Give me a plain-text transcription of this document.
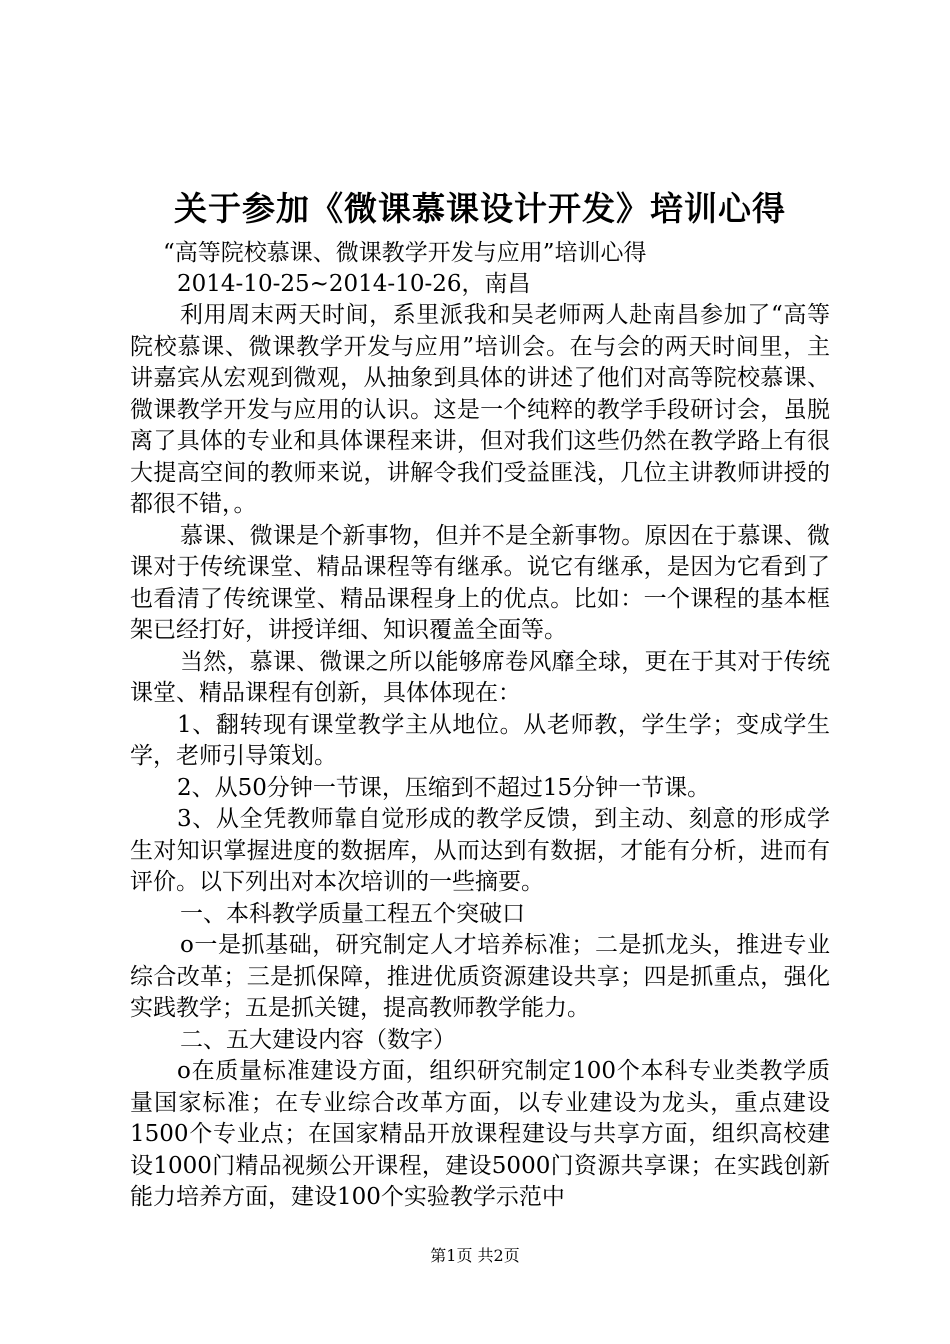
关于参加《微课慕课设计开发》培训心得

“高等院校慕课、微课教学开发与应用”培训心得

2014-10-25~2014-10-26，南昌

利用周末两天时间，系里派我和吴老师两人赴南昌参加了“高等院校慕课、微课教学开发与应用”培训会。在与会的两天时间里，主讲嘉宾从宏观到微观，从抽象到具体的讲述了他们对高等院校慕课、微课教学开发与应用的认识。这是一个纯粹的教学手段研讨会，虽脱离了具体的专业和具体课程来讲，但对我们这些仍然在教学路上有很大提高空间的教师来说，讲解令我们受益匪浅，几位主讲教师讲授的都很不错，。

慕课、微课是个新事物，但并不是全新事物。原因在于慕课、微课对于传统课堂、精品课程等有继承。说它有继承，是因为它看到了也看清了传统课堂、精品课程身上的优点。比如：一个课程的基本框架已经打好，讲授详细、知识覆盖全面等。

当然，慕课、微课之所以能够席卷风靡全球，更在于其对于传统课堂、精品课程有创新，具体体现在：

1、翻转现有课堂教学主从地位。从老师教，学生学；变成学生学，老师引导策划。

2、从50分钟一节课，压缩到不超过15分钟一节课。

3、从全凭教师靠自觉形成的教学反馈，到主动、刻意的形成学生对知识掌握进度的数据库，从而达到有数据，才能有分析，进而有评价。以下列出对本次培训的一些摘要。

一、本科教学质量工程五个突破口

o一是抓基础，研究制定人才培养标准；二是抓龙头，推进专业综合改革；三是抓保障，推进优质资源建设共享；四是抓重点，强化实践教学；五是抓关键，提高教师教学能力。

二、五大建设内容（数字）

o在质量标准建设方面，组织研究制定100个本科专业类教学质量国家标准；在专业综合改革方面，以专业建设为龙头，重点建设1500个专业点；在国家精品开放课程建设与共享方面，组织高校建设1000门精品视频公开课程，建设5000门资源共享课；在实践创新能力培养方面，建设100个实验教学示范中

第1页 共2页
